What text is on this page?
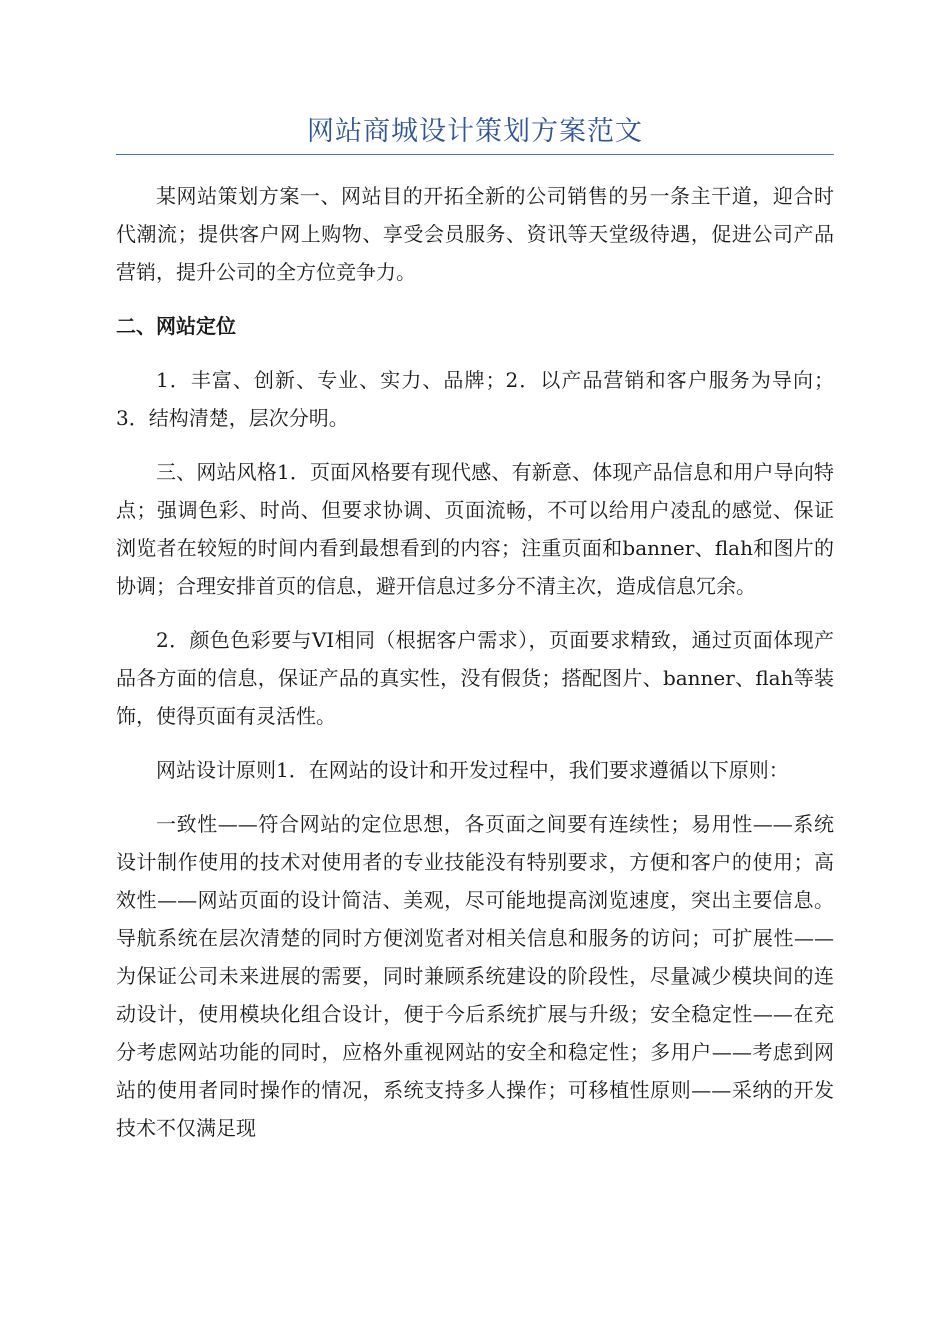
网站商城设计策划方案范文

某网站策划方案一、网站目的开拓全新的公司销售的另一条主干道，迎合时代潮流；提供客户网上购物、享受会员服务、资讯等天堂级待遇，促进公司产品营销，提升公司的全方位竞争力。

二、网站定位

1．丰富、创新、专业、实力、品牌；2．以产品营销和客户服务为导向；3．结构清楚，层次分明。

三、网站风格1．页面风格要有现代感、有新意、体现产品信息和用户导向特点；强调色彩、时尚、但要求协调、页面流畅，不可以给用户凌乱的感觉、保证浏览者在较短的时间内看到最想看到的内容；注重页面和banner、flah和图片的协调；合理安排首页的信息，避开信息过多分不清主次，造成信息冗余。

2．颜色色彩要与VI相同（根据客户需求），页面要求精致，通过页面体现产品各方面的信息，保证产品的真实性，没有假货；搭配图片、banner、flah等装饰，使得页面有灵活性。

网站设计原则1．在网站的设计和开发过程中，我们要求遵循以下原则：

一致性——符合网站的定位思想，各页面之间要有连续性；易用性——系统设计制作使用的技术对使用者的专业技能没有特别要求，方便和客户的使用；高效性——网站页面的设计简洁、美观，尽可能地提高浏览速度，突出主要信息。导航系统在层次清楚的同时方便浏览者对相关信息和服务的访问；可扩展性——为保证公司未来进展的需要，同时兼顾系统建设的阶段性，尽量减少模块间的连动设计，使用模块化组合设计，便于今后系统扩展与升级；安全稳定性——在充分考虑网站功能的同时，应格外重视网站的安全和稳定性；多用户——考虑到网站的使用者同时操作的情况，系统支持多人操作；可移植性原则——采纳的开发技术不仅满足现
